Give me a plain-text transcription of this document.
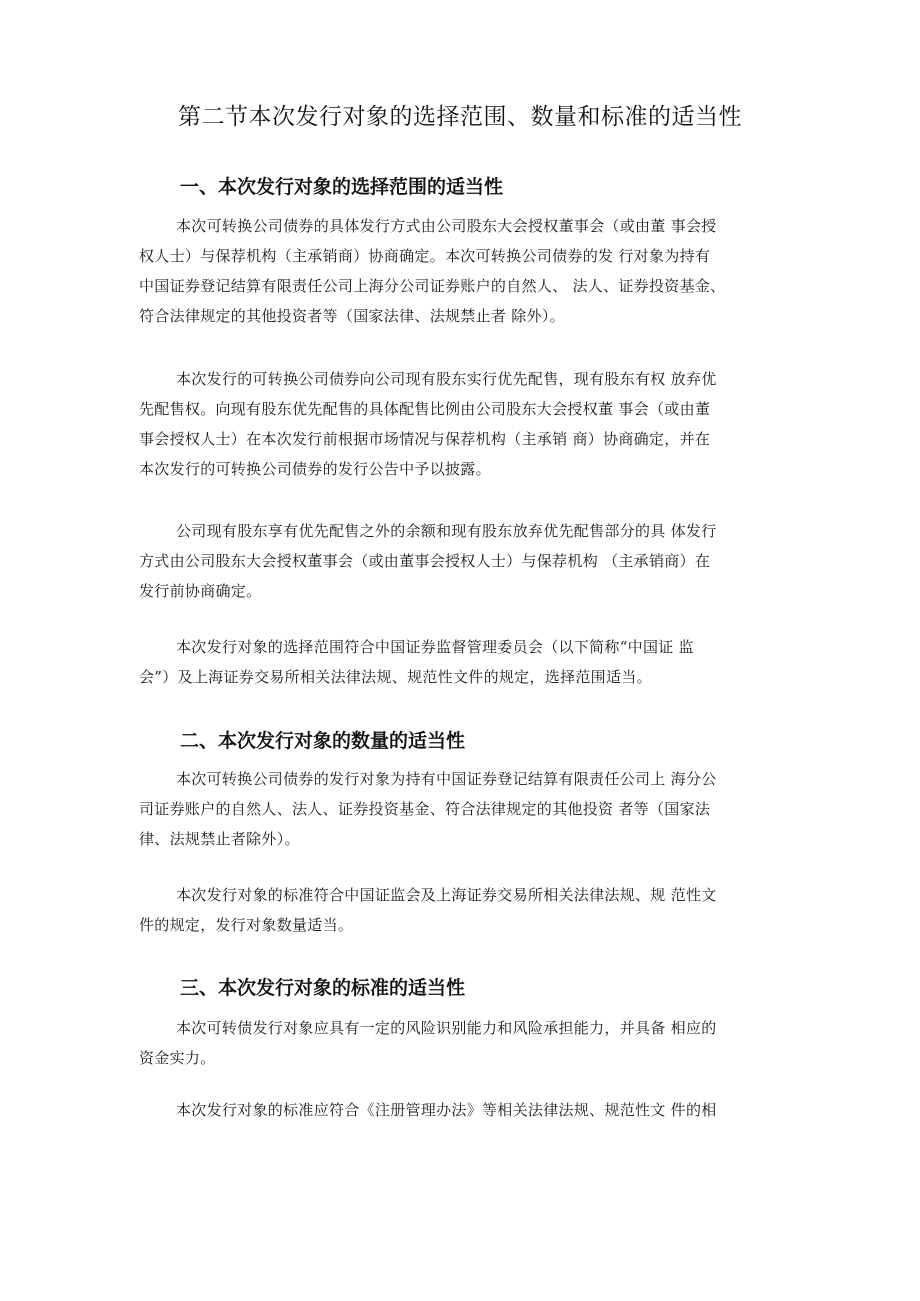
第二节本次发行对象的选择范围、数量和标准的适当性
一、本次发行对象的选择范围的适当性
本次可转换公司债券的具体发行方式由公司股东大会授权董事会（或由董 事会授
权人士）与保荐机构（主承销商）协商确定。本次可转换公司债券的发 行对象为持有
中国证券登记结算有限责任公司上海分公司证券账户的自然人、 法人、证券投资基金、
符合法律规定的其他投资者等（国家法律、法规禁止者 除外）。
本次发行的可转换公司债券向公司现有股东实行优先配售，现有股东有权 放弃优
先配售权。向现有股东优先配售的具体配售比例由公司股东大会授权董 事会（或由董
事会授权人士）在本次发行前根据市场情况与保荐机构（主承销 商）协商确定，并在
本次发行的可转换公司债券的发行公告中予以披露。
公司现有股东享有优先配售之外的余额和现有股东放弃优先配售部分的具 体发行
方式由公司股东大会授权董事会（或由董事会授权人士）与保荐机构 （主承销商）在
发行前协商确定。
本次发行对象的选择范围符合中国证券监督管理委员会（以下简称“中国证 监
会”）及上海证券交易所相关法律法规、规范性文件的规定，选择范围适当。
二、本次发行对象的数量的适当性
本次可转换公司债券的发行对象为持有中国证券登记结算有限责任公司上 海分公
司证券账户的自然人、法人、证券投资基金、符合法律规定的其他投资 者等（国家法
律、法规禁止者除外）。
本次发行对象的标准符合中国证监会及上海证券交易所相关法律法规、规 范性文
件的规定，发行对象数量适当。
三、本次发行对象的标准的适当性
本次可转债发行对象应具有一定的风险识别能力和风险承担能力，并具备 相应的
资金实力。
本次发行对象的标准应符合《注册管理办法》等相关法律法规、规范性文 件的相
